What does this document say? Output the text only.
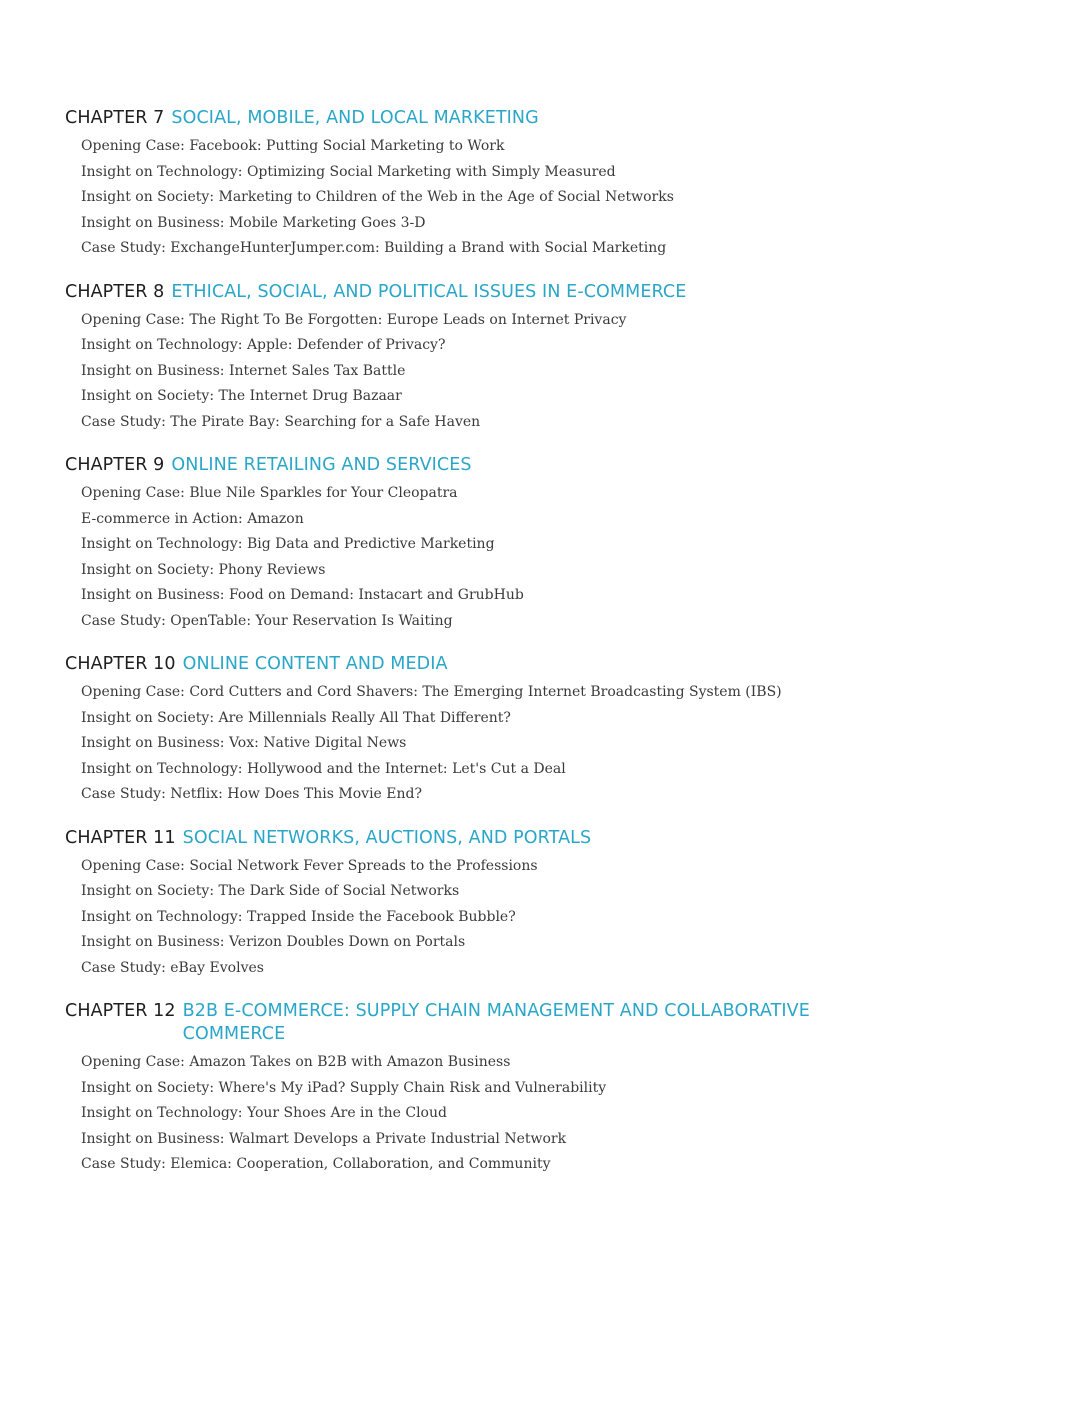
CHAPTER 7 SOCIAL, MOBILE, AND LOCAL MARKETING
Opening Case: Facebook: Putting Social Marketing to Work
Insight on Technology: Optimizing Social Marketing with Simply Measured
Insight on Society: Marketing to Children of the Web in the Age of Social Networks
Insight on Business: Mobile Marketing Goes 3-D
Case Study: ExchangeHunterJumper.com: Building a Brand with Social Marketing
CHAPTER 8 ETHICAL, SOCIAL, AND POLITICAL ISSUES IN E-COMMERCE
Opening Case: The Right To Be Forgotten: Europe Leads on Internet Privacy
Insight on Technology: Apple: Defender of Privacy?
Insight on Business: Internet Sales Tax Battle
Insight on Society: The Internet Drug Bazaar
Case Study: The Pirate Bay: Searching for a Safe Haven
CHAPTER 9 ONLINE RETAILING AND SERVICES
Opening Case: Blue Nile Sparkles for Your Cleopatra
E-commerce in Action: Amazon
Insight on Technology: Big Data and Predictive Marketing
Insight on Society: Phony Reviews
Insight on Business: Food on Demand: Instacart and GrubHub
Case Study: OpenTable: Your Reservation Is Waiting
CHAPTER 10 ONLINE CONTENT AND MEDIA
Opening Case: Cord Cutters and Cord Shavers: The Emerging Internet Broadcasting System (IBS)
Insight on Society: Are Millennials Really All That Different?
Insight on Business: Vox: Native Digital News
Insight on Technology: Hollywood and the Internet: Let's Cut a Deal
Case Study: Netflix: How Does This Movie End?
CHAPTER 11 SOCIAL NETWORKS, AUCTIONS, AND PORTALS
Opening Case: Social Network Fever Spreads to the Professions
Insight on Society: The Dark Side of Social Networks
Insight on Technology: Trapped Inside the Facebook Bubble?
Insight on Business: Verizon Doubles Down on Portals
Case Study: eBay Evolves
CHAPTER 12 B2B E-COMMERCE: SUPPLY CHAIN MANAGEMENT AND COLLABORATIVE COMMERCE
Opening Case: Amazon Takes on B2B with Amazon Business
Insight on Society: Where's My iPad? Supply Chain Risk and Vulnerability
Insight on Technology: Your Shoes Are in the Cloud
Insight on Business: Walmart Develops a Private Industrial Network
Case Study: Elemica: Cooperation, Collaboration, and Community
